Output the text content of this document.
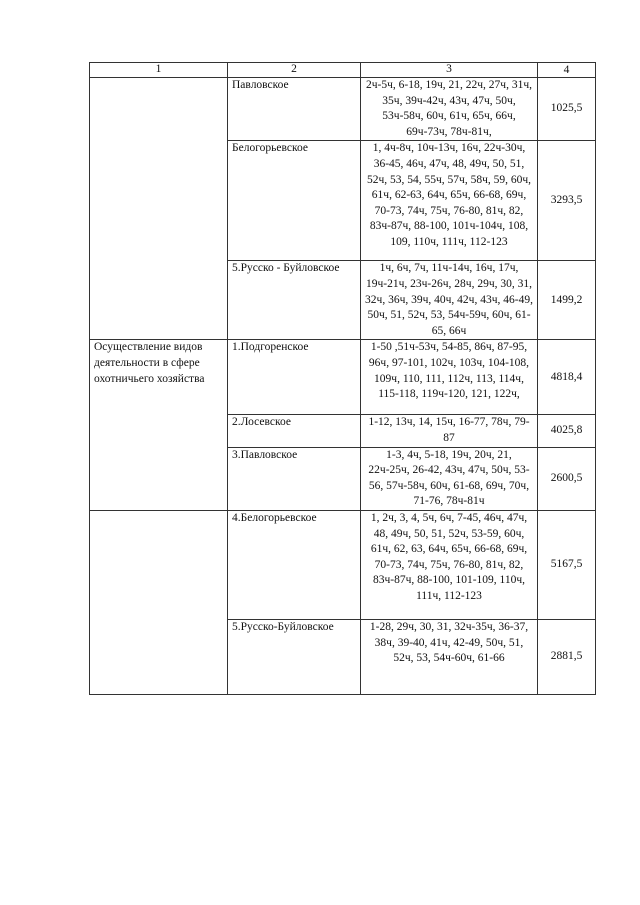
1	2	3	4

	Павловское	2ч-5ч, 6-18, 19ч, 21, 22ч, 27ч, 31ч, 35ч, 39ч-42ч, 43ч, 47ч, 50ч, 53ч-58ч, 60ч, 61ч, 65ч, 66ч, 69ч-73ч, 78ч-81ч,	1025,5

	Белогорьевское	1, 4ч-8ч, 10ч-13ч, 16ч, 22ч-30ч, 36-45, 46ч, 47ч, 48, 49ч, 50, 51, 52ч, 53, 54, 55ч, 57ч, 58ч, 59, 60ч, 61ч, 62-63, 64ч, 65ч, 66-68, 69ч, 70-73, 74ч, 75ч, 76-80, 81ч, 82, 83ч-87ч, 88-100, 101ч-104ч, 108, 109, 110ч, 111ч, 112-123	3293,5

	5.Русско - Буйловское	1ч, 6ч, 7ч, 11ч-14ч, 16ч, 17ч, 19ч-21ч, 23ч-26ч, 28ч, 29ч, 30, 31, 32ч, 36ч, 39ч, 40ч, 42ч, 43ч, 46-49, 50ч, 51, 52ч, 53, 54ч-59ч, 60ч, 61-65, 66ч	1499,2

Осуществление видов деятельности в сфере охотничьего хозяйства	1.Подгоренское	1-50 ,51ч-53ч, 54-85, 86ч, 87-95, 96ч, 97-101, 102ч, 103ч, 104-108, 109ч, 110, 111, 112ч, 113, 114ч, 115-118, 119ч-120, 121, 122ч,	4818,4

	2.Лосевское	1-12, 13ч, 14, 15ч, 16-77, 78ч, 79-87	4025,8

	3.Павловское	1-3, 4ч, 5-18, 19ч, 20ч, 21, 22ч-25ч, 26-42, 43ч, 47ч, 50ч, 53-56, 57ч-58ч, 60ч, 61-68, 69ч, 70ч, 71-76, 78ч-81ч	2600,5

	4.Белогорьевское	1, 2ч, 3, 4, 5ч, 6ч, 7-45, 46ч, 47ч, 48, 49ч, 50, 51, 52ч, 53-59, 60ч, 61ч, 62, 63, 64ч, 65ч, 66-68, 69ч, 70-73, 74ч, 75ч, 76-80, 81ч, 82, 83ч-87ч, 88-100, 101-109, 110ч, 111ч, 112-123	5167,5

	5.Русско-Буйловское	1-28, 29ч, 30, 31, 32ч-35ч, 36-37, 38ч, 39-40, 41ч, 42-49, 50ч, 51, 52ч, 53, 54ч-60ч, 61-66	2881,5
